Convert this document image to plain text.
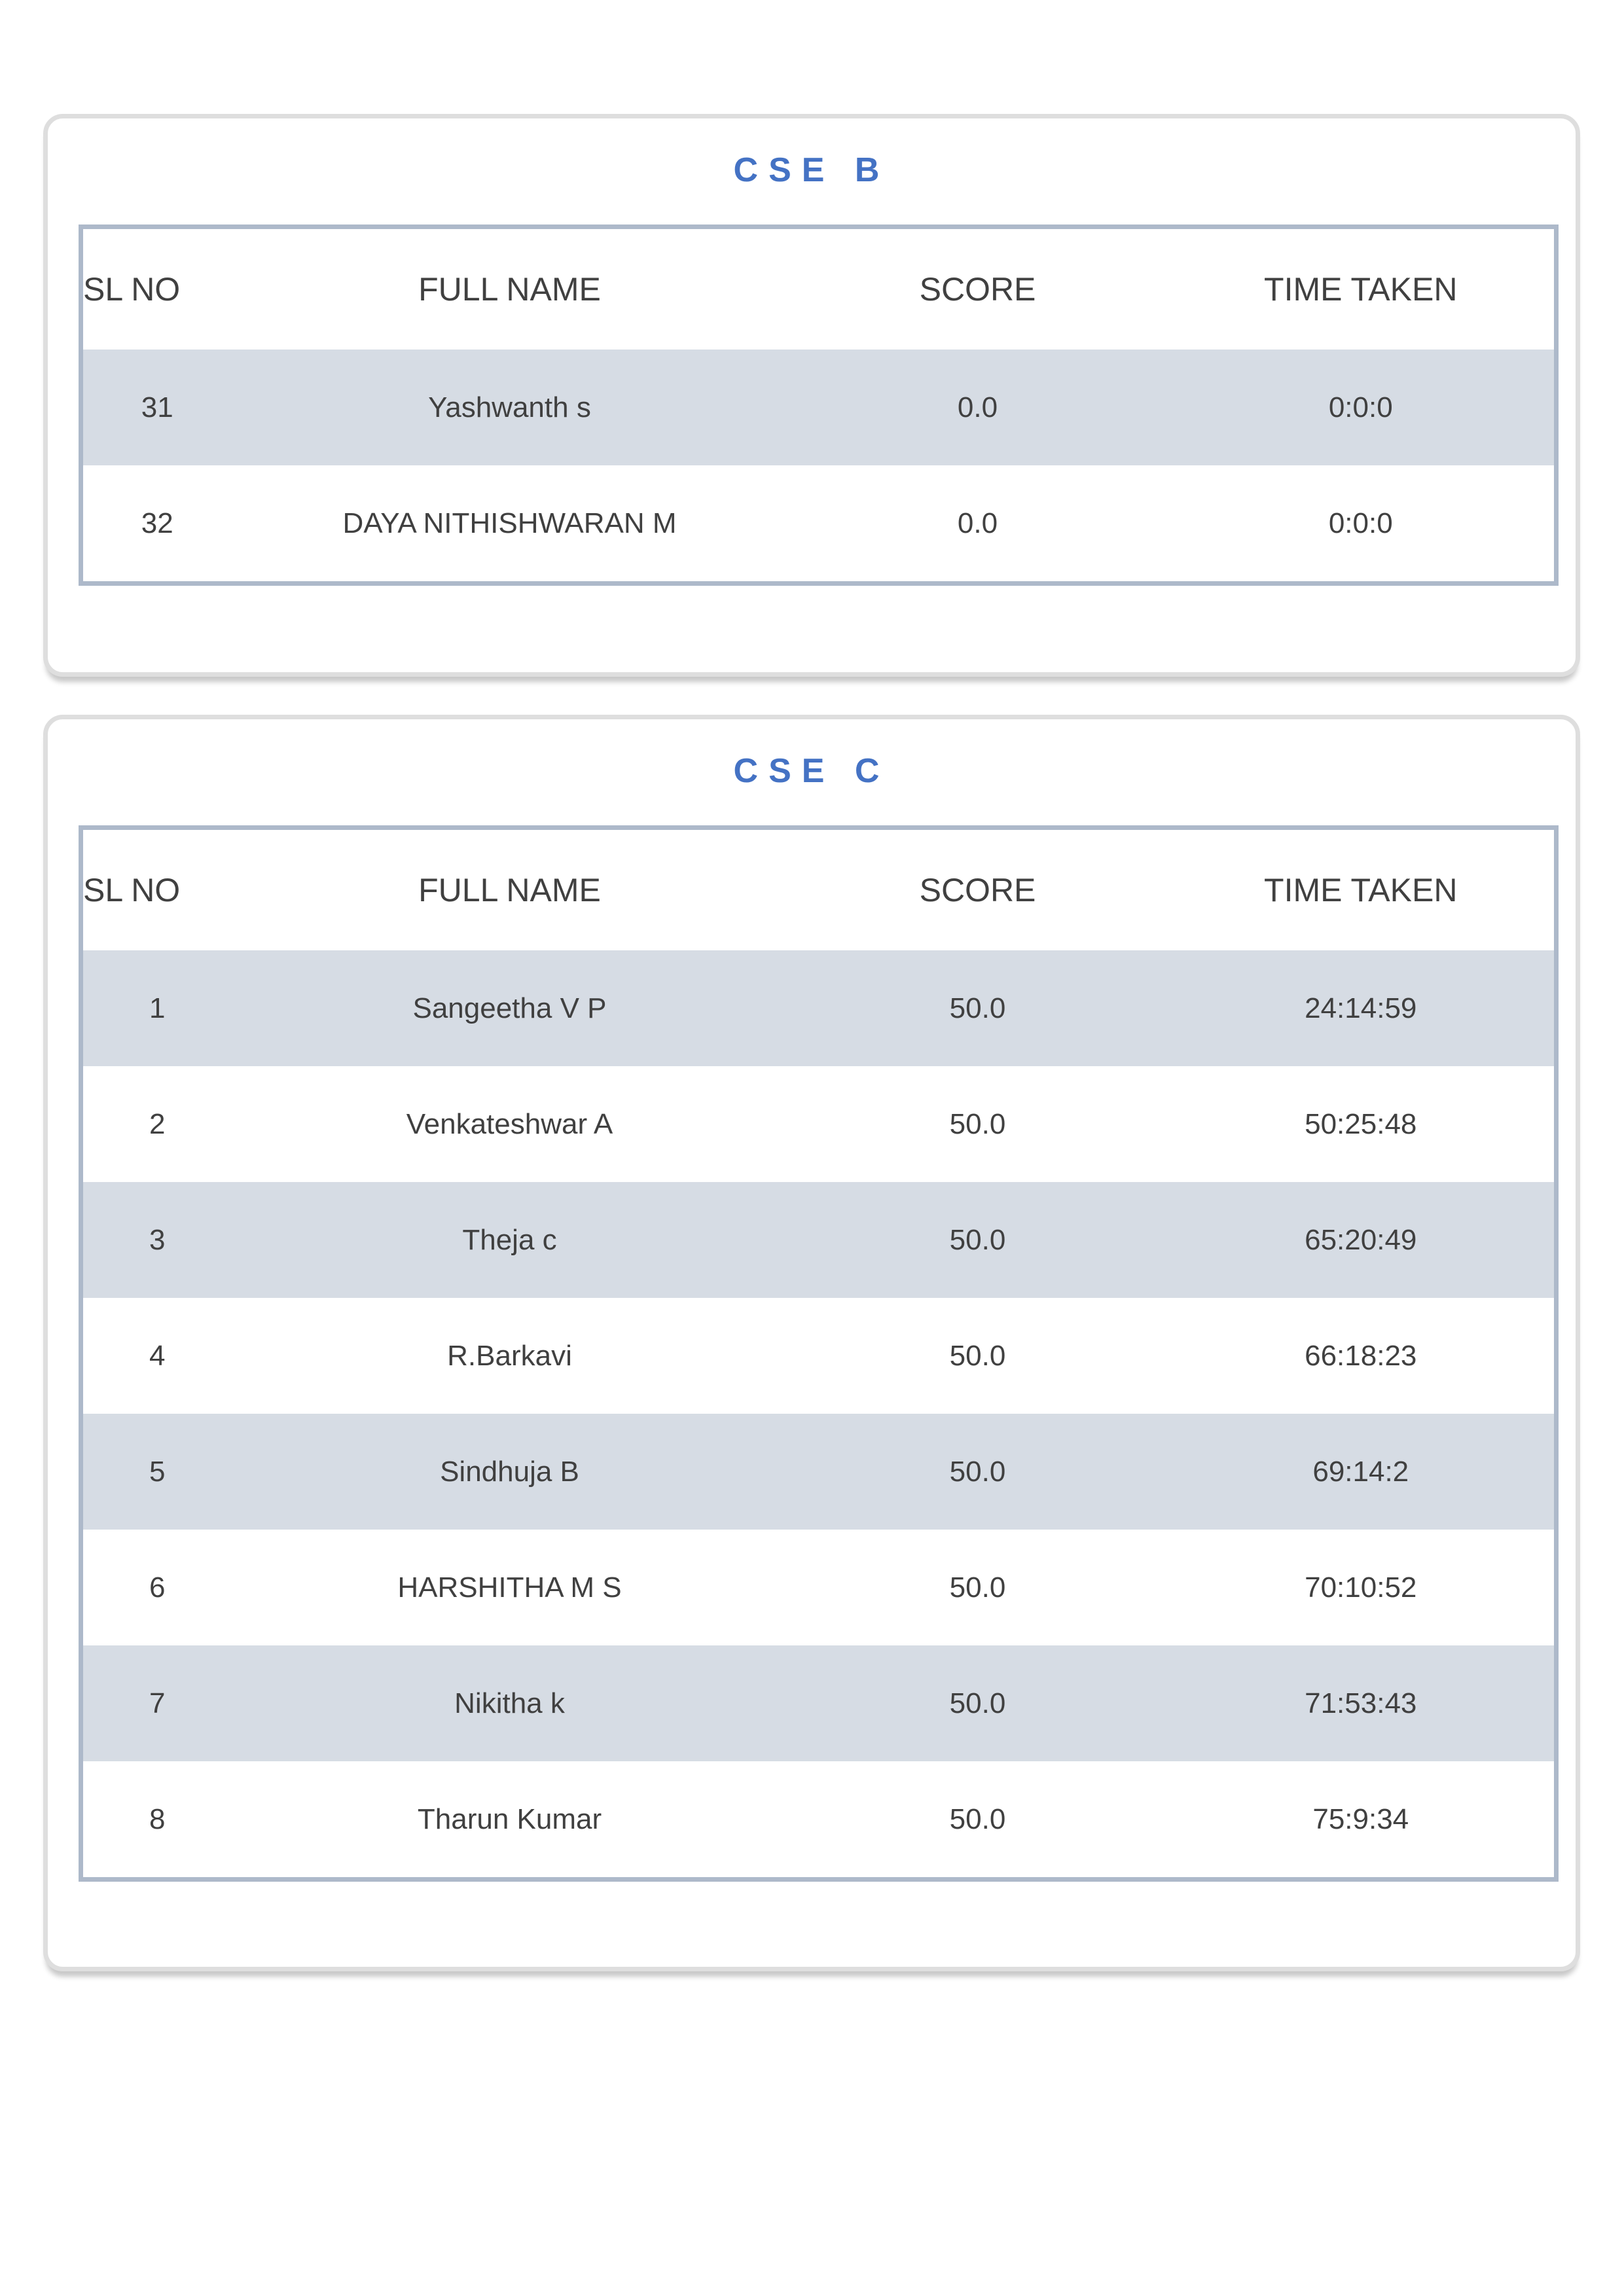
CSE B
SL NO	FULL NAME	SCORE	TIME TAKEN
31	Yashwanth s	0.0	0:0:0
32	DAYA NITHISHWARAN M	0.0	0:0:0
CSE C
SL NO	FULL NAME	SCORE	TIME TAKEN
1	Sangeetha V P	50.0	24:14:59
2	Venkateshwar A	50.0	50:25:48
3	Theja c	50.0	65:20:49
4	R.Barkavi	50.0	66:18:23
5	Sindhuja B	50.0	69:14:2
6	HARSHITHA M S	50.0	70:10:52
7	Nikitha k	50.0	71:53:43
8	Tharun Kumar	50.0	75:9:34
